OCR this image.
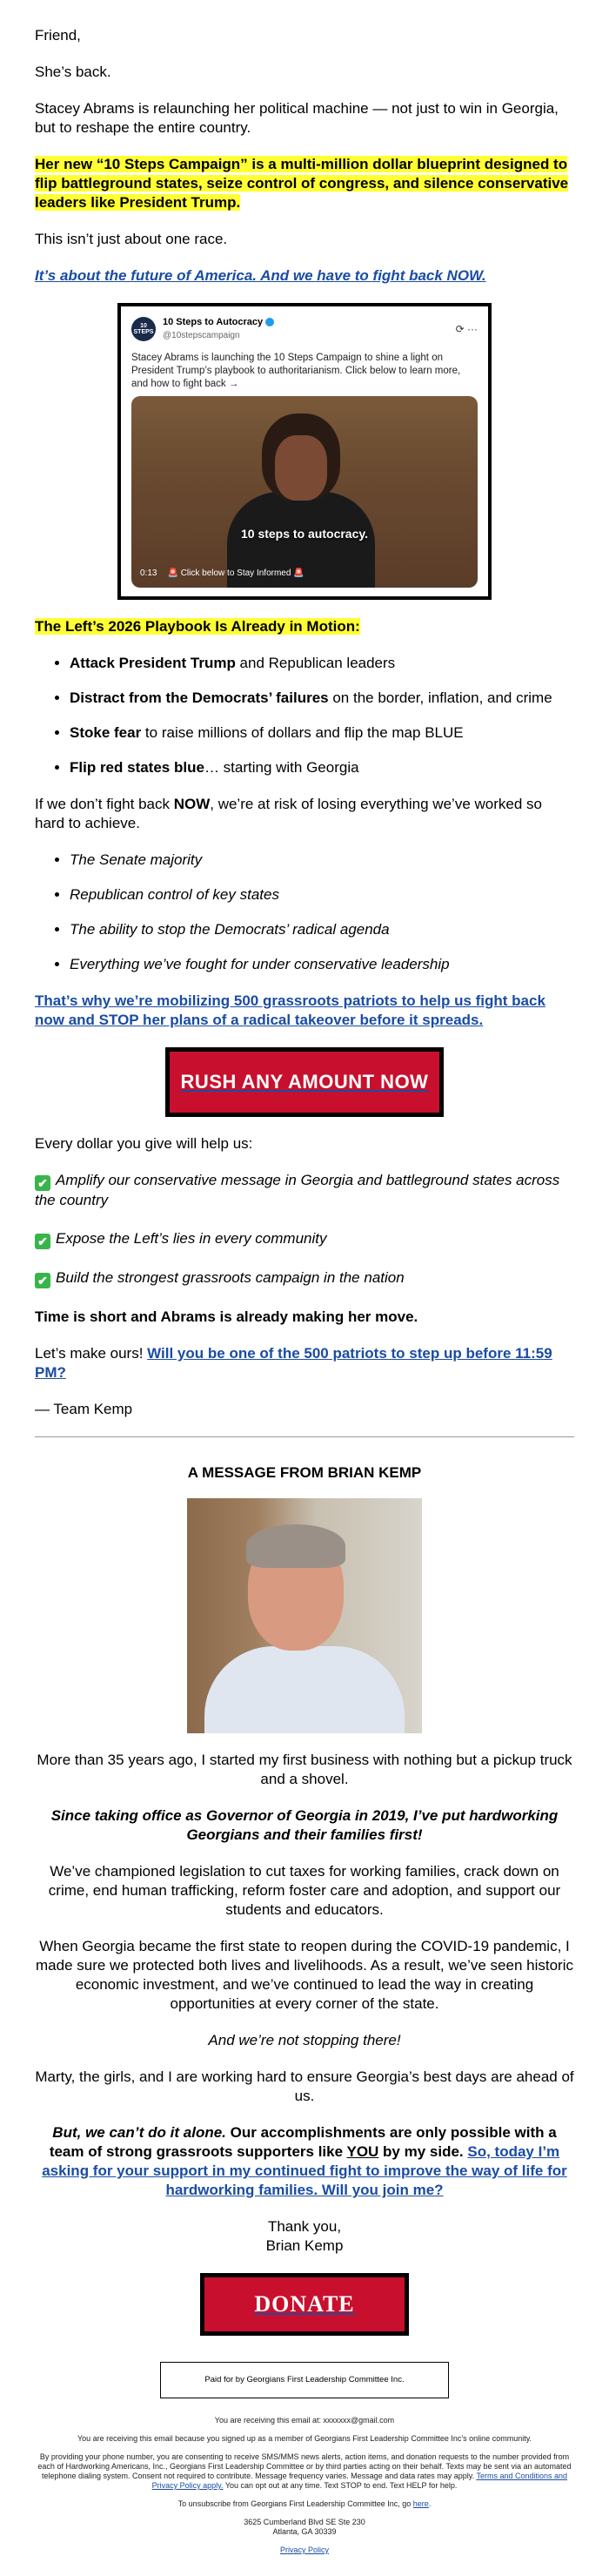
Friend,

She’s back.

Stacey Abrams is relaunching her political machine — not just to win in Georgia, but to reshape the entire country.

Her new “10 Steps Campaign” is a multi-million dollar blueprint designed to flip battleground states, seize control of congress, and silence conservative leaders like President Trump.

This isn’t just about one race.

It’s about the future of America. And we have to fight back NOW.

10 STEPS
10 Steps to Autocracy
@10stepscampaign
⟳ ···
Stacey Abrams is launching the 10 Steps Campaign to shine a light on President Trump’s playbook to authoritarianism. Click below to learn more, and how to fight back →
10 steps to autocracy.
0:13 🚨 Click below to Stay Informed 🚨

The Left’s 2026 Playbook Is Already in Motion:

• Attack President Trump and Republican leaders
• Distract from the Democrats’ failures on the border, inflation, and crime
• Stoke fear to raise millions of dollars and flip the map BLUE
• Flip red states blue… starting with Georgia

If we don’t fight back NOW, we’re at risk of losing everything we’ve worked so hard to achieve.

• The Senate majority
• Republican control of key states
• The ability to stop the Democrats’ radical agenda
• Everything we’ve fought for under conservative leadership

That’s why we’re mobilizing 500 grassroots patriots to help us fight back now and STOP her plans of a radical takeover before it spreads.

RUSH ANY AMOUNT NOW

Every dollar you give will help us:

✔ Amplify our conservative message in Georgia and battleground states across the country

✔ Expose the Left’s lies in every community

✔ Build the strongest grassroots campaign in the nation

Time is short and Abrams is already making her move.

Let’s make ours! Will you be one of the 500 patriots to step up before 11:59 PM?

— Team Kemp

A MESSAGE FROM BRIAN KEMP

More than 35 years ago, I started my first business with nothing but a pickup truck and a shovel.

Since taking office as Governor of Georgia in 2019, I’ve put hardworking Georgians and their families first!

We’ve championed legislation to cut taxes for working families, crack down on crime, end human trafficking, reform foster care and adoption, and support our students and educators.

When Georgia became the first state to reopen during the COVID-19 pandemic, I made sure we protected both lives and livelihoods. As a result, we’ve seen historic economic investment, and we’ve continued to lead the way in creating opportunities at every corner of the state.

And we’re not stopping there!

Marty, the girls, and I are working hard to ensure Georgia’s best days are ahead of us.

But, we can’t do it alone. Our accomplishments are only possible with a team of strong grassroots supporters like YOU by my side. So, today I’m asking for your support in my continued fight to improve the way of life for hardworking families. Will you join me?

Thank you,

Brian Kemp

DONATE
Paid for by Georgians First Leadership Committee Inc.

You are receiving this email at: xxxxxxx@gmail.com

You are receiving this email because you signed up as a member of Georgians First Leadership Committee Inc’s online community.

By providing your phone number, you are consenting to receive SMS/MMS news alerts, action items, and donation requests to the number provided from each of Hardworking Americans, Inc., Georgians First Leadership Committee or by third parties acting on their behalf. Texts may be sent via an automated telephone dialing system. Consent not required to contribute. Message frequency varies. Message and data rates may apply. Terms and Conditions and Privacy Policy apply. You can opt out at any time. Text STOP to end. Text HELP for help.

To unsubscribe from Georgians First Leadership Committee Inc, go here.

3625 Cumberland Blvd SE Ste 230

Atlanta, GA 30339

Privacy Policy
